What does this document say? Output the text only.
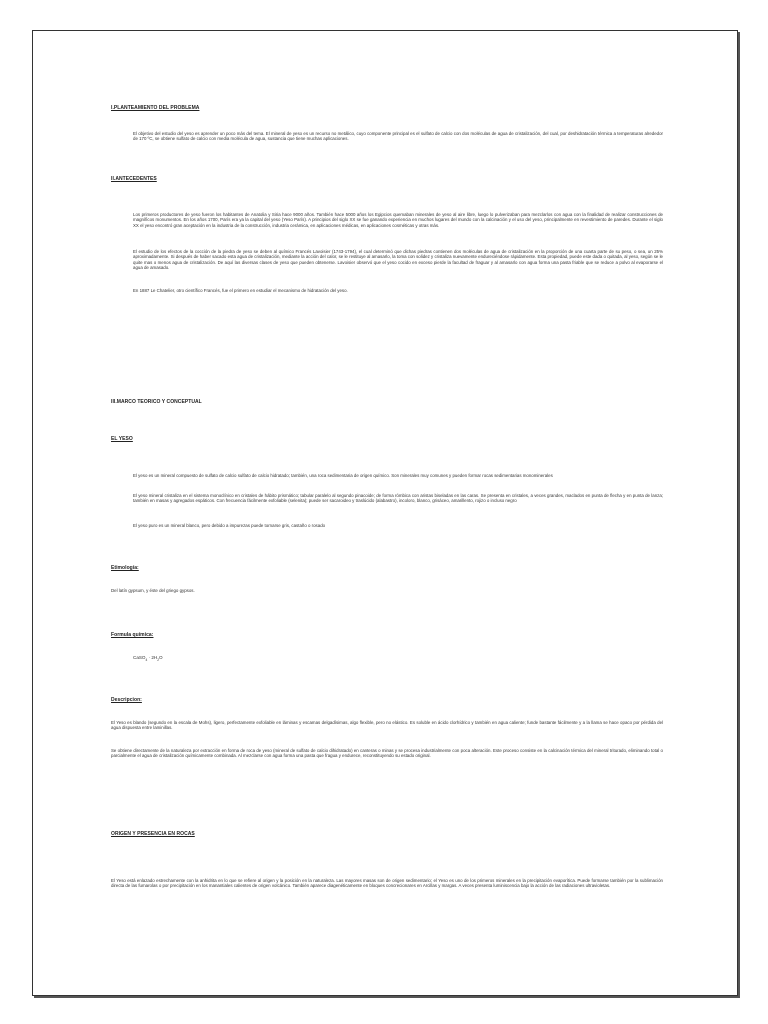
I.PLANTEAMIENTO DEL PROBLEMA
El objetivo del estudio del yeso es aprender un poco más del tema. El mineral de yeso es un recurso no metálico, cuyo componente principal es el sulfato de calcio con dos moléculas de agua de cristalización, del cual, por deshidratación térmica a temperaturas alrededor de 170 ºC, se obtiene sulfato de calcio con media molécula de agua, sustancia que tiene muchas aplicaciones.
II.ANTECEDENTES
Los primeros productores de yeso fueron los habitantes de Anatolia y Siria hace 9000 años. También hace 5000 años los Egipcios quemaban minerales de yeso al aire libre, luego lo pulverizaban para mezclarlos con agua con la finalidad de realizar construcciones de magníficos monumentos. En los años 1700, París era ya la capital del yeso (Yeso París). A principios del siglo XX se fue ganando experiencia en muchos lugares del mundo con la calcinación y el uso del yeso, principalmente en revestimiento de paredes. Durante el siglo XX el yeso encontró gran aceptación en la industria de la construcción, industria cerámica, en aplicaciones médicas, en aplicaciones cosméticas y otras más.
El estudio de los efectos de la cocción de la piedra de yeso se deben al químico Francés Lavoisier (1743-1794), el cual determinó que dichas piedras contienen dos moléculas de agua de cristalización en la proporción de una cuarta parte de su peso, o sea, un 25% aproximadamente. Si después de haber sacado esta agua de cristalización, mediante la acción del calor, se le restituye al amasarlo, la toma con solidez y cristaliza nuevamente endureciéndose rápidamente. Esta propiedad, puede este dada o quitada, al yeso, según se le quite mas o menos agua de cristalización. De aquí las diversas clases de yeso que pueden obtenerse. Lavoisier observó que el yeso cocido en exceso pierde la facultad de fraguar y al amasarlo con agua forma una pasta friable que se reduce a polvo al evaporarse el agua de amasado.
En 1887 Le Chatelier, otro científico Francés, fue el primero en estudiar el mecanismo de hidratación del yeso.
III.MARCO TEORICO Y CONCEPTUAL
EL YESO
El yeso es un mineral compuesto de sulfato de calcio sulfato de calcio hidratado; también, una roca sedimentaria de origen químico. Son minerales muy comunes y pueden formar rocas sedimentarias monominerales
El yeso mineral cristaliza en el sistema monoclínico en cristales de hábito prismático; tabular paralelo al segundo pinacoide; de forma rómbica con aristas biseladas en las caras. Se presenta en cristales, a veces grandes, maclados en punta de flecha y en punta de lanza; también en masas y agregados espáticos. Con frecuencia fácilmente exfoliable (selenita); puede ser sacaroideo y traslúcido (alabastro), incoloro, blanco, grisáceo, amarillento, rojizo o incluso negro
El yeso puro es un mineral blanco, pero debido a impurezas puede tornarse gris, castaño o rosado
Etimología:
Del latín gypsum, y éste del griego gypsos.
Formula química:
CaSO$_4$ · $2H_2O$
Descripcion:
El Yeso es blando (segundo en la escala de Mohs), ligero, perfectamente exfoliable en láminas y escamas delgadísimas, algo flexible, pero no elástico. Es soluble en ácido clorhídrico y también en agua caliente; funde bastante fácilmente y a la llama se hace opaco por pérdida del agua dispuesta entre laminillas.
Se obtiene directamente de la naturaleza por extracción en forma de roca de yeso (mineral de sulfato de calcio dihidratado) en canteras o minas y se procesa industrialmente con poca alteración. Este proceso consiste en la calcinación térmica del mineral triturado, eliminando total o parcialmente el agua de cristalización químicamente combinada. Al mezclarse con agua forma una pasta que fragua y endurece, reconstituyendo su estado original.
ORIGEN Y PRESENCIA EN ROCAS
El Yeso está enlazado estrechamente con la anhidrita en lo que se refiere al origen y la posición en la naturaleza. Las mayores masas son de origen sedimentario; el Yeso es uno de los primeros minerales en la precipitación evaporítica. Puede formarse también por la sublimación directa de las fumarolas o por precipitación en los manantiales calientes de origen volcánico. También aparece diagenéticamente en bloques concrecionares en Arcillas y margas. A veces presenta luminiscencia bajo la acción de las radiaciones ultravioletas.
